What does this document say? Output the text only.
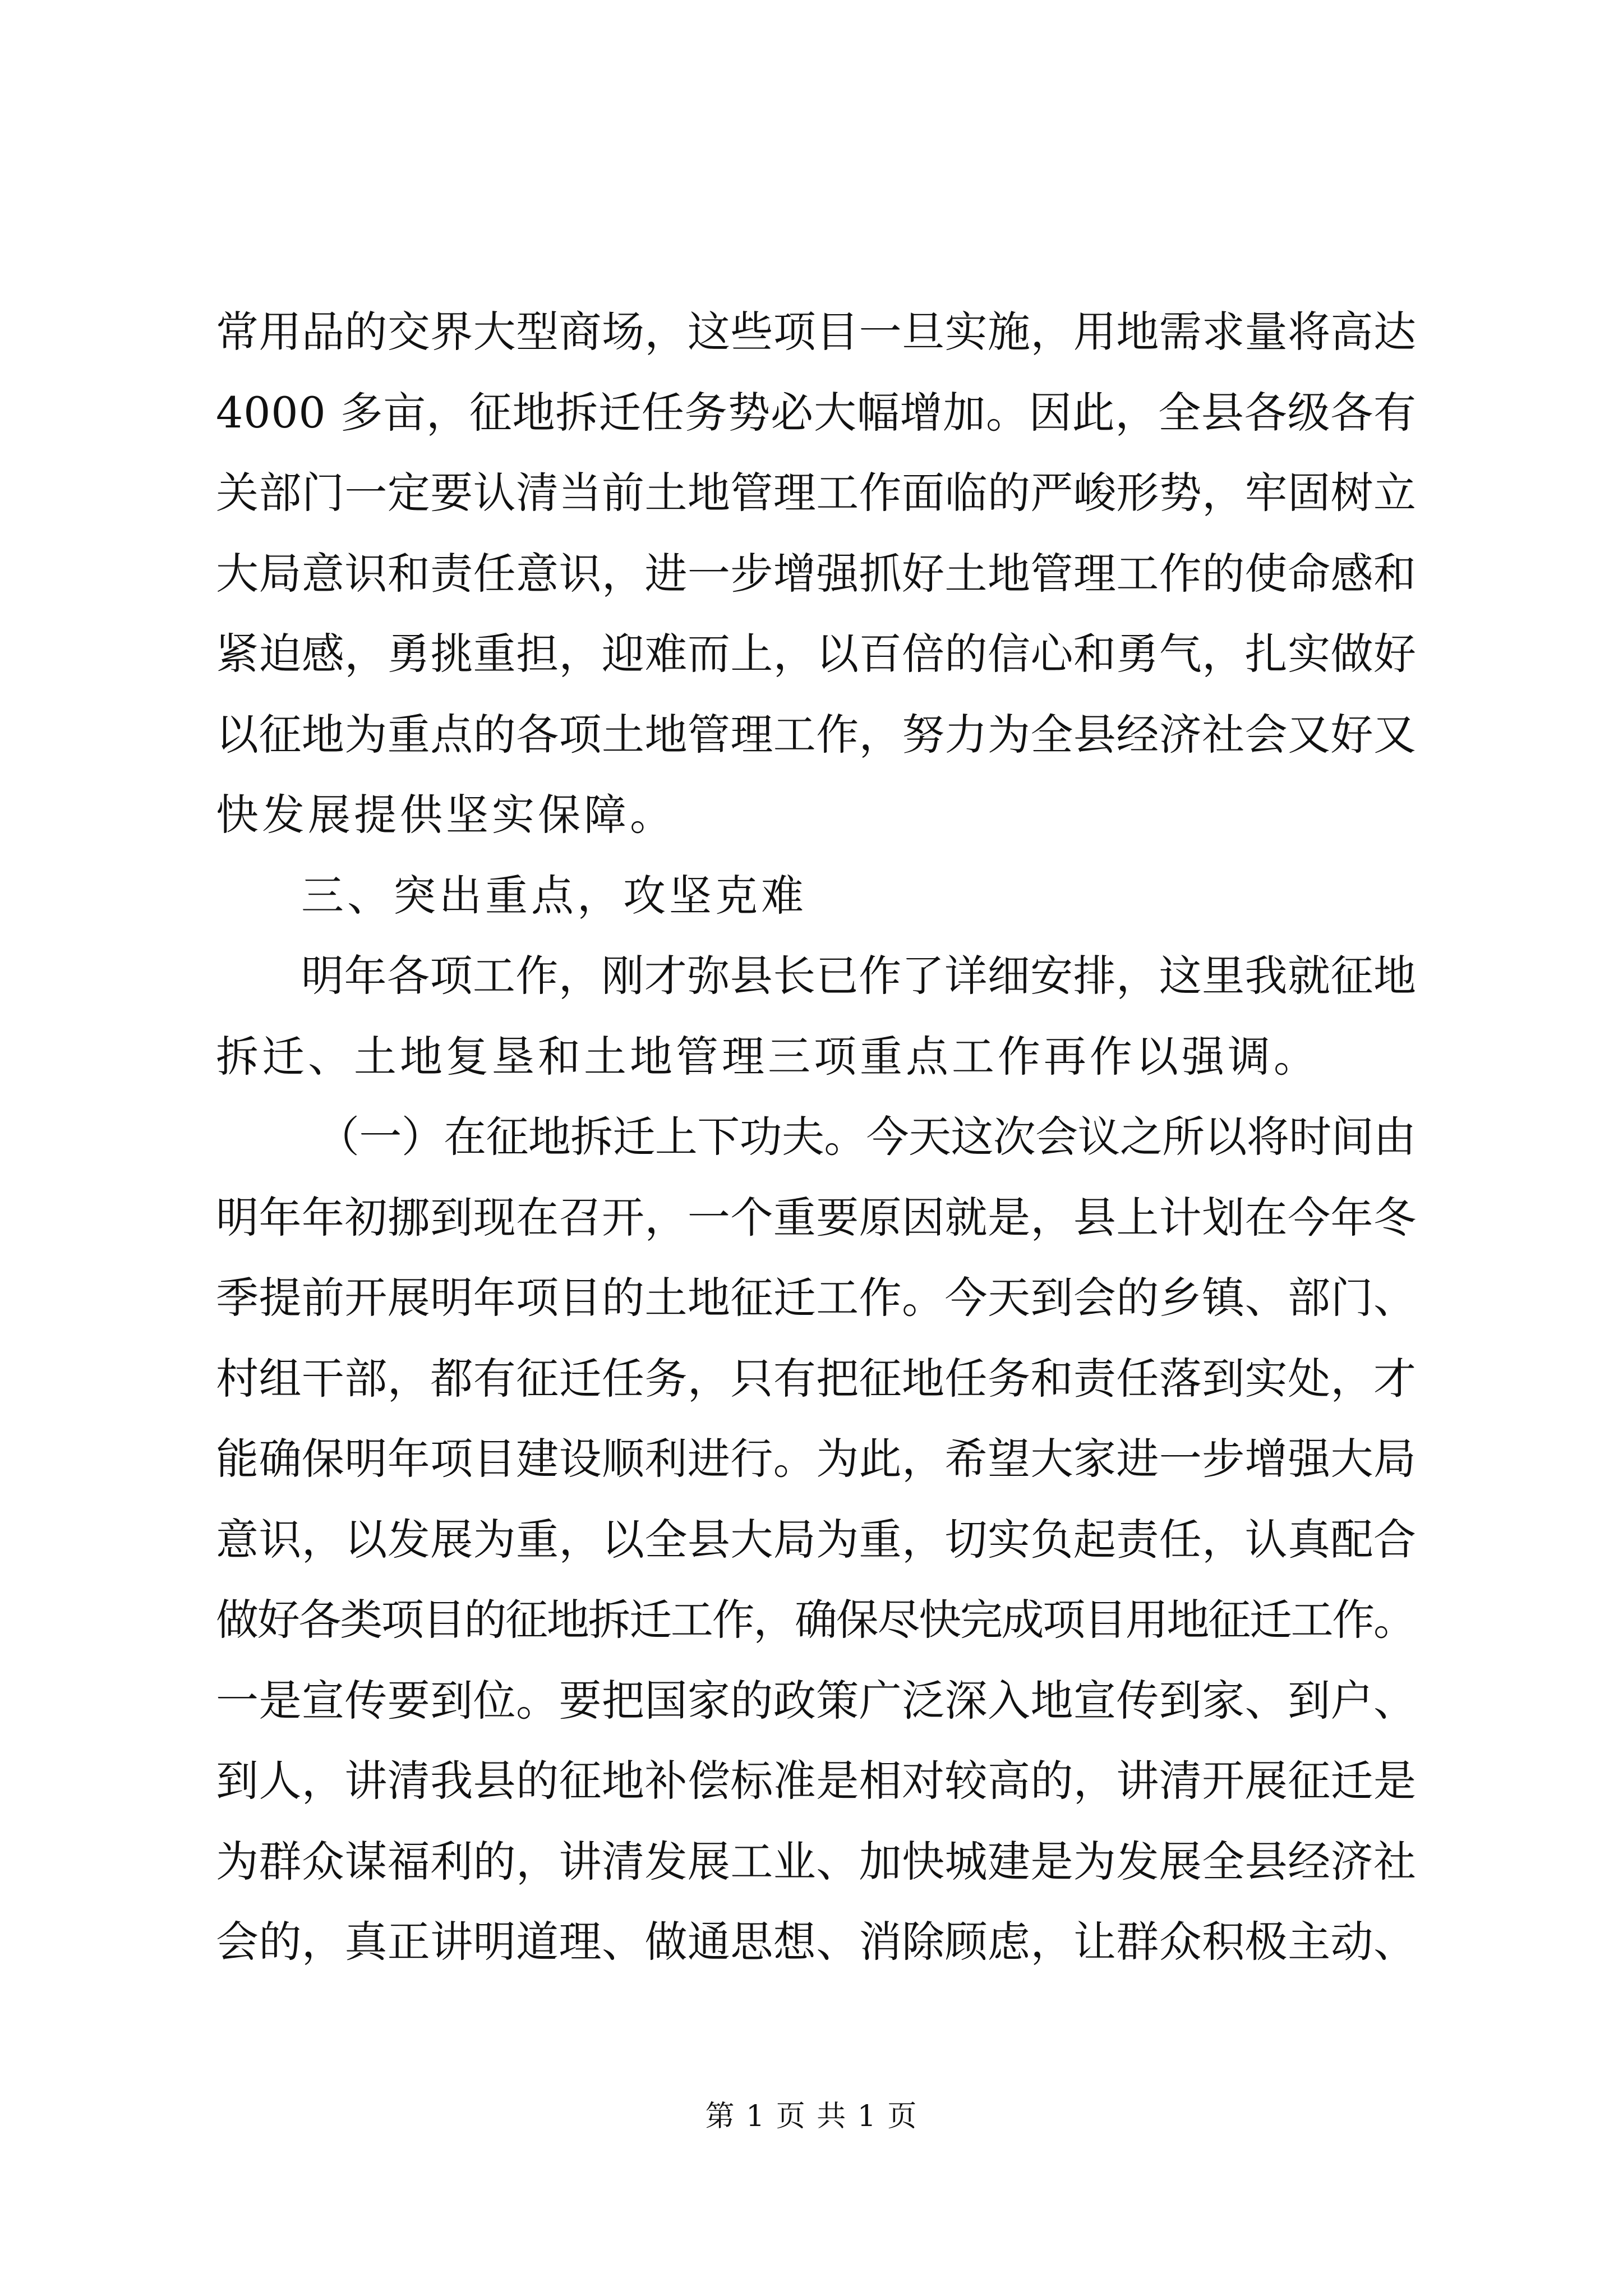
常用品的交界大型商场，这些项目一旦实施，用地需求量将高达
4000 多亩，征地拆迁任务势必大幅增加。因此，全县各级各有
关部门一定要认清当前土地管理工作面临的严峻形势，牢固树立
大局意识和责任意识，进一步增强抓好土地管理工作的使命感和
紧迫感，勇挑重担，迎难而上，以百倍的信心和勇气，扎实做好
以征地为重点的各项土地管理工作，努力为全县经济社会又好又
快发展提供坚实保障。
三、突出重点，攻坚克难
明年各项工作，刚才弥县长已作了详细安排，这里我就征地
拆迁、土地复垦和土地管理三项重点工作再作以强调。
（一）在征地拆迁上下功夫。今天这次会议之所以将时间由
明年年初挪到现在召开，一个重要原因就是，县上计划在今年冬
季提前开展明年项目的土地征迁工作。今天到会的乡镇、部门、
村组干部，都有征迁任务，只有把征地任务和责任落到实处，才
能确保明年项目建设顺利进行。为此，希望大家进一步增强大局
意识，以发展为重，以全县大局为重，切实负起责任，认真配合
做好各类项目的征地拆迁工作，确保尽快完成项目用地征迁工作。
一是宣传要到位。要把国家的政策广泛深入地宣传到家、到户、
到人，讲清我县的征地补偿标准是相对较高的，讲清开展征迁是
为群众谋福利的，讲清发展工业、加快城建是为发展全县经济社
会的，真正讲明道理、做通思想、消除顾虑，让群众积极主动、
第 1 页 共 1 页
